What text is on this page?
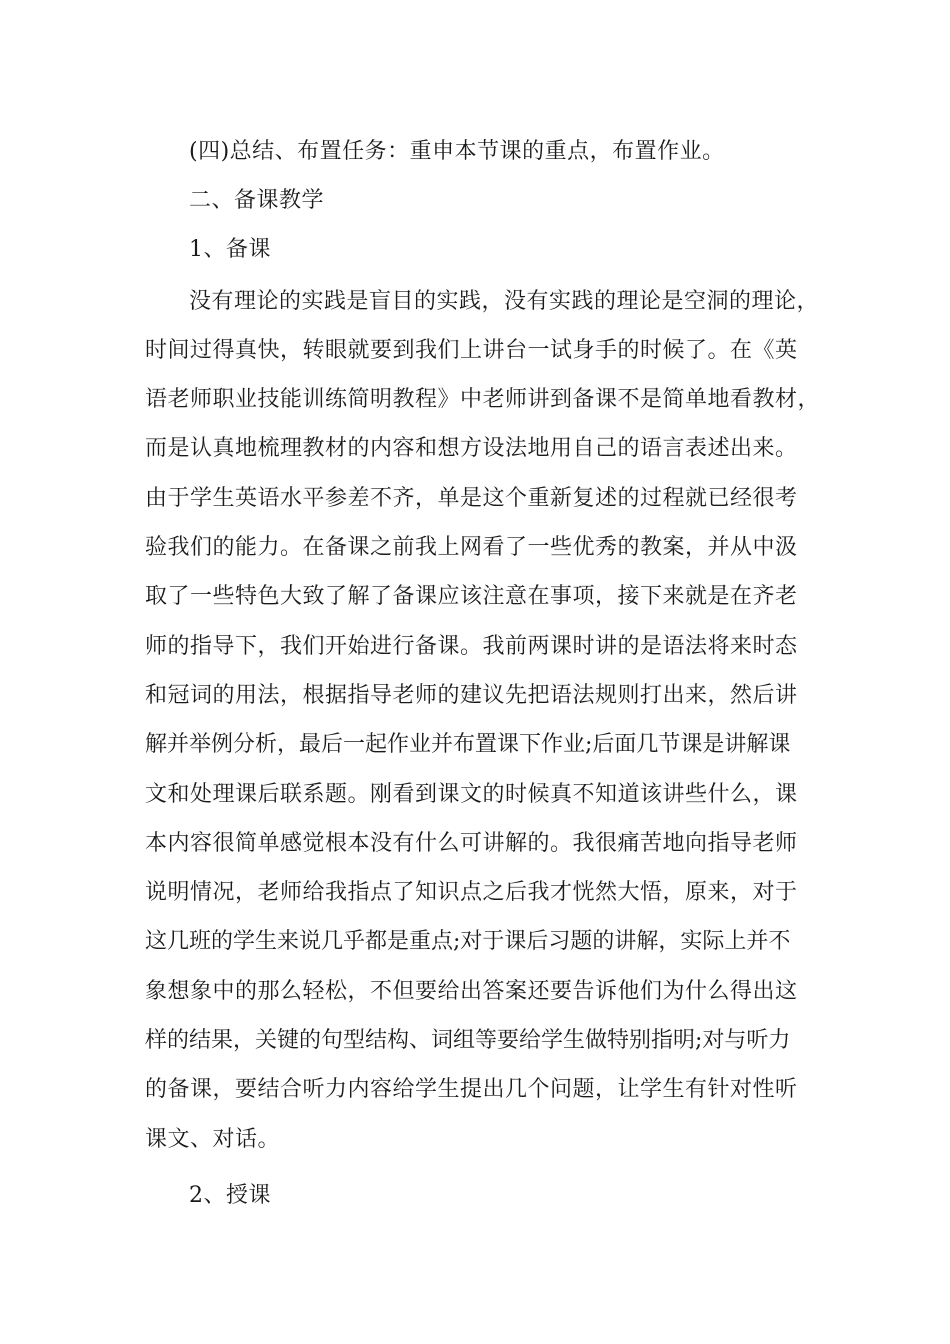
(四)总结、布置任务：重申本节课的重点，布置作业。
二、备课教学
1、备课
没有理论的实践是盲目的实践，没有实践的理论是空洞的理论，
时间过得真快，转眼就要到我们上讲台一试身手的时候了。在《英
语老师职业技能训练简明教程》中老师讲到备课不是简单地看教材，
而是认真地梳理教材的内容和想方设法地用自己的语言表述出来。
由于学生英语水平参差不齐，单是这个重新复述的过程就已经很考
验我们的能力。在备课之前我上网看了一些优秀的教案，并从中汲
取了一些特色大致了解了备课应该注意在事项，接下来就是在齐老
师的指导下，我们开始进行备课。我前两课时讲的是语法将来时态
和冠词的用法，根据指导老师的建议先把语法规则打出来，然后讲
解并举例分析，最后一起作业并布置课下作业;后面几节课是讲解课
文和处理课后联系题。刚看到课文的时候真不知道该讲些什么，课
本内容很简单感觉根本没有什么可讲解的。我很痛苦地向指导老师
说明情况，老师给我指点了知识点之后我才恍然大悟，原来，对于
这几班的学生来说几乎都是重点;对于课后习题的讲解，实际上并不
象想象中的那么轻松，不但要给出答案还要告诉他们为什么得出这
样的结果，关键的句型结构、词组等要给学生做特别指明;对与听力
的备课，要结合听力内容给学生提出几个问题，让学生有针对性听
课文、对话。
2、授课
